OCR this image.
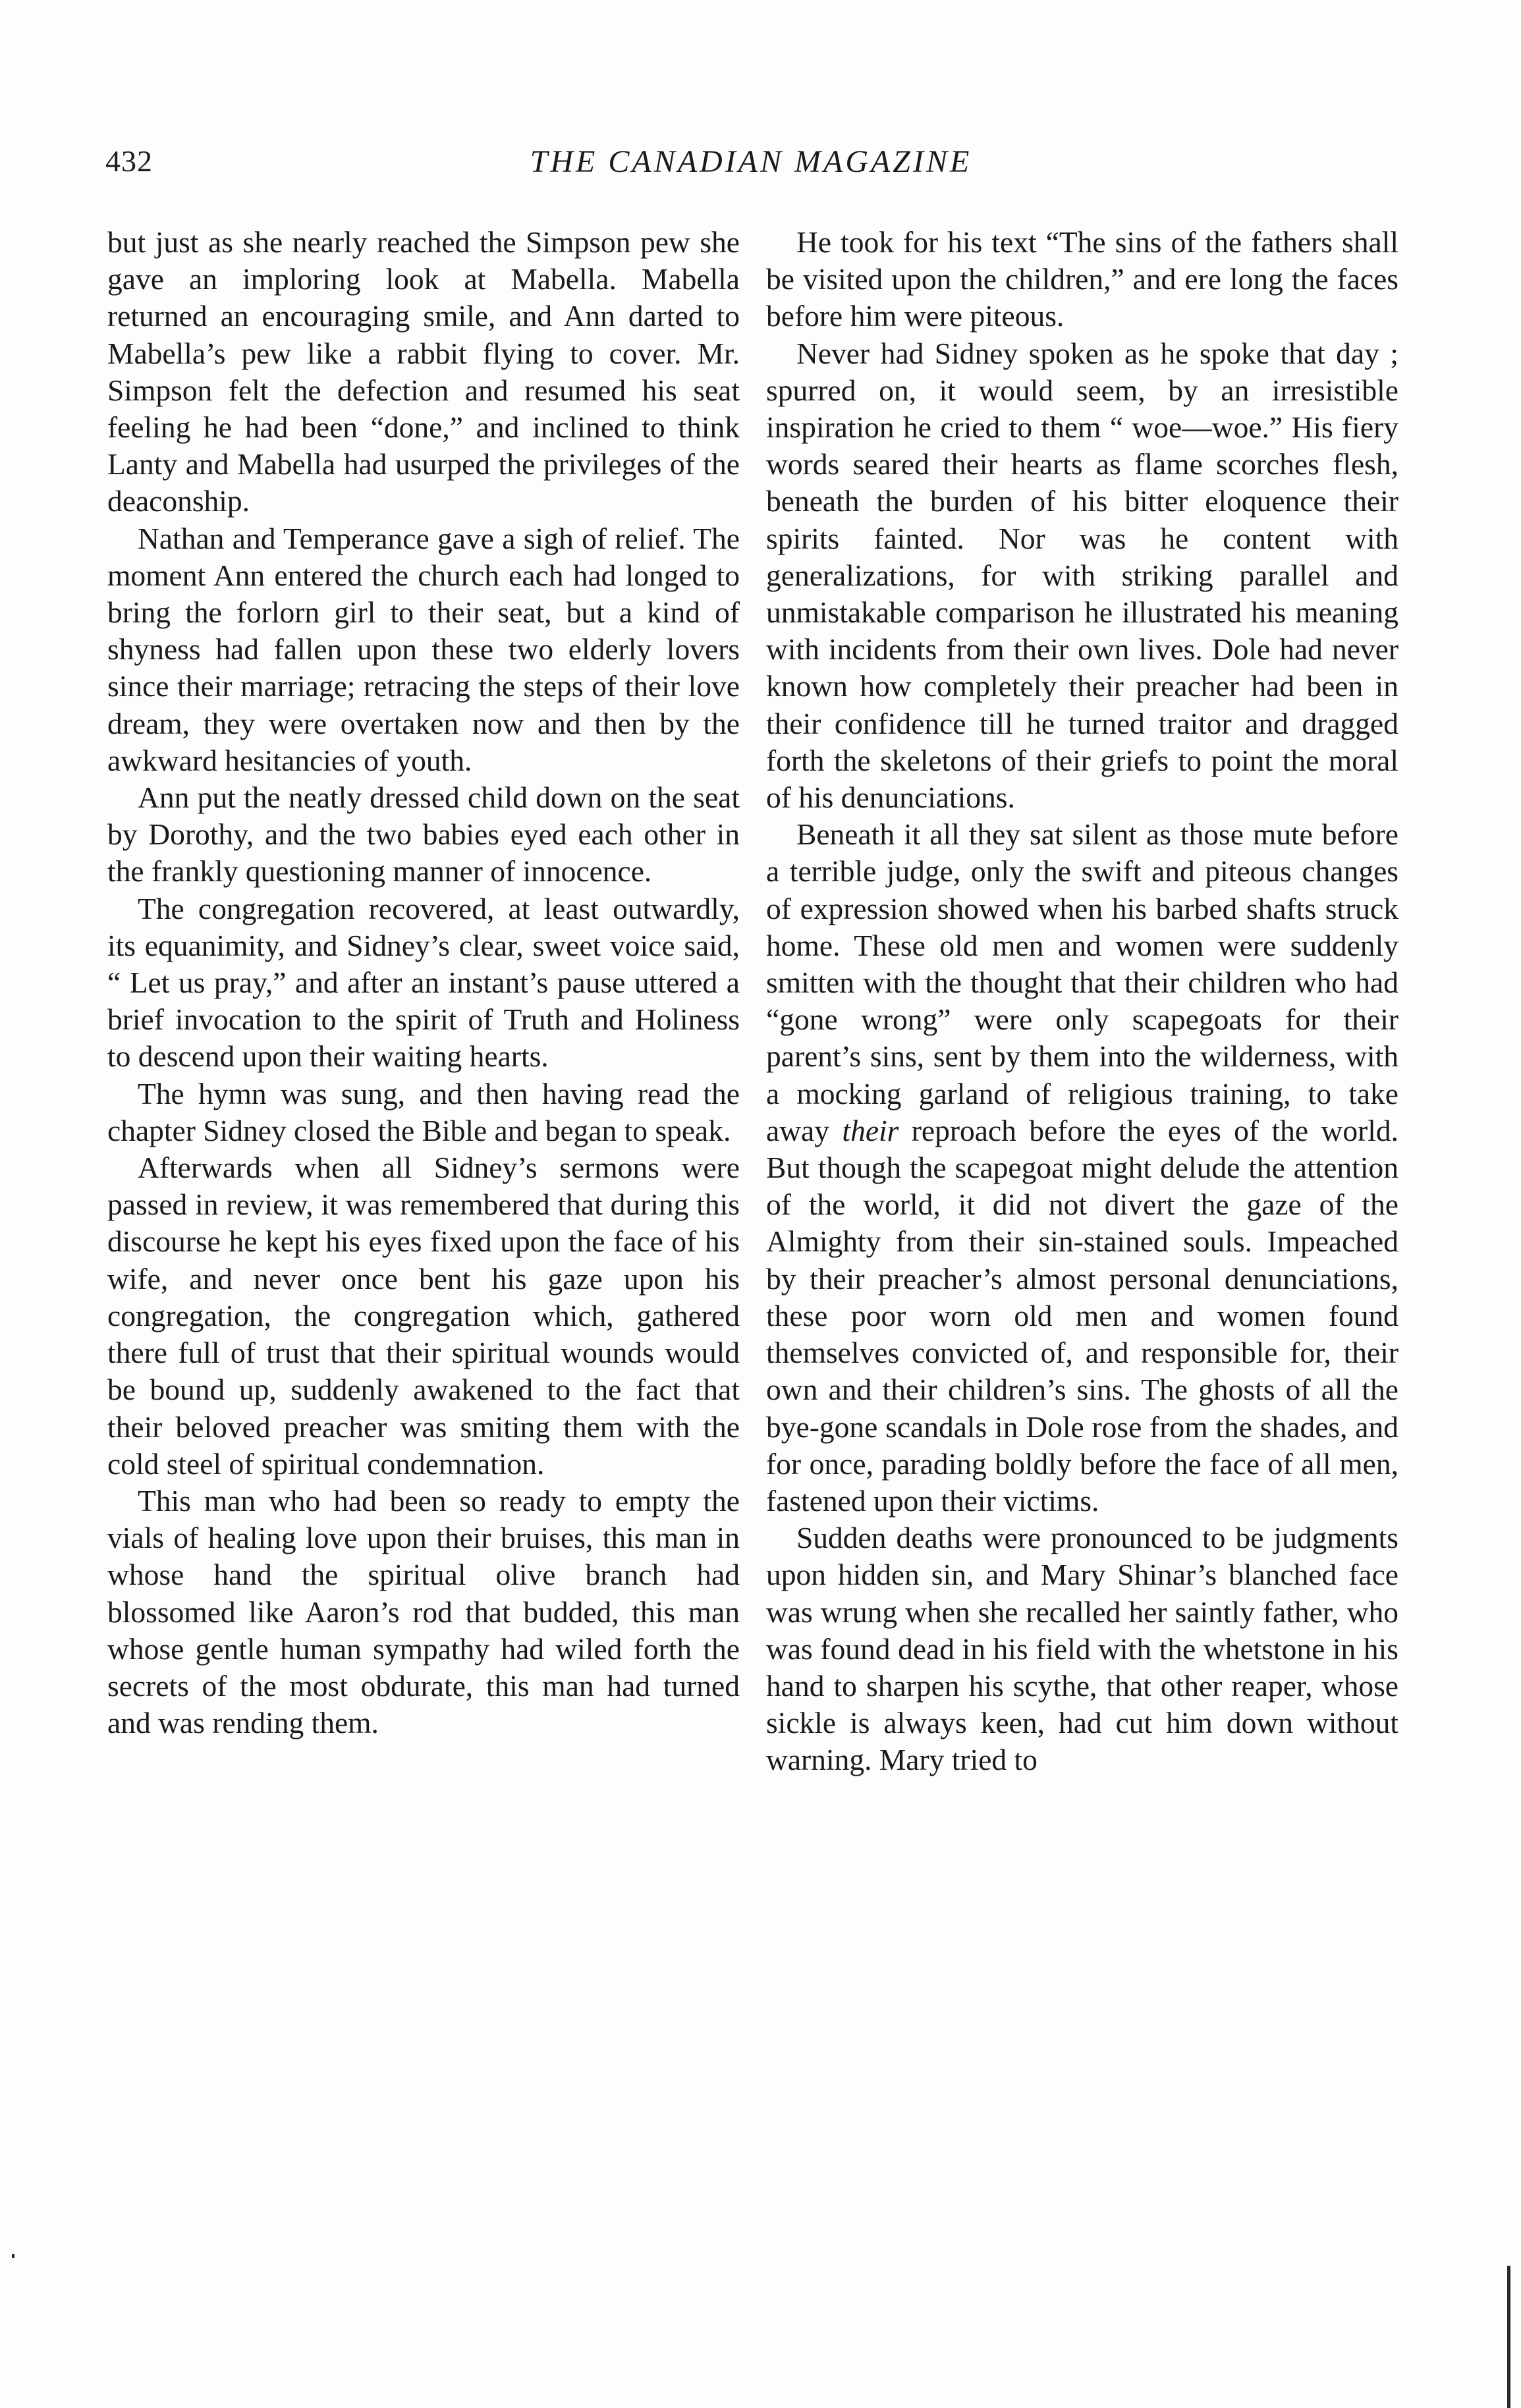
432	THE CANADIAN MAGAZINE

but just as she nearly reached the Simpson pew she gave an imploring look at Mabella. Mabella returned an encouraging smile, and Ann darted to Mabella’s pew like a rabbit flying to cover. Mr. Simpson felt the defection and resumed his seat feeling he had been “done,” and inclined to think Lanty and Mabella had usurped the privileges of the deaconship.

Nathan and Temperance gave a sigh of relief. The moment Ann entered the church each had longed to bring the forlorn girl to their seat, but a kind of shyness had fallen upon these two elderly lovers since their marriage; retracing the steps of their love dream, they were overtaken now and then by the awkward hesitancies of youth.

Ann put the neatly dressed child down on the seat by Dorothy, and the two babies eyed each other in the frankly questioning manner of innocence.

The congregation recovered, at least outwardly, its equanimity, and Sidney’s clear, sweet voice said, “ Let us pray,” and after an instant’s pause uttered a brief invocation to the spirit of Truth and Holiness to descend upon their waiting hearts.

The hymn was sung, and then having read the chapter Sidney closed the Bible and began to speak.

Afterwards when all Sidney’s sermons were passed in review, it was remembered that during this discourse he kept his eyes fixed upon the face of his wife, and never once bent his gaze upon his congregation, the congregation which, gathered there full of trust that their spiritual wounds would be bound up, suddenly awakened to the fact that their beloved preacher was smiting them with the cold steel of spiritual condemnation.

This man who had been so ready to empty the vials of healing love upon their bruises, this man in whose hand the spiritual olive branch had blossomed like Aaron’s rod that budded, this man whose gentle human sympathy had wiled forth the secrets of the most obdurate, this man had turned and was rending them.

He took for his text “The sins of the fathers shall be visited upon the children,” and ere long the faces before him were piteous.

Never had Sidney spoken as he spoke that day ; spurred on, it would seem, by an irresistible inspiration he cried to them “ woe—woe.” His fiery words seared their hearts as flame scorches flesh, beneath the burden of his bitter eloquence their spirits fainted. Nor was he content with generalizations, for with striking parallel and unmistakable comparison he illustrated his meaning with incidents from their own lives. Dole had never known how completely their preacher had been in their confidence till he turned traitor and dragged forth the skeletons of their griefs to point the moral of his denunciations.

Beneath it all they sat silent as those mute before a terrible judge, only the swift and piteous changes of expression showed when his barbed shafts struck home. These old men and women were suddenly smitten with the thought that their children who had “gone wrong” were only scapegoats for their parent’s sins, sent by them into the wilderness, with a mocking garland of religious training, to take away their reproach before the eyes of the world. But though the scapegoat might delude the attention of the world, it did not divert the gaze of the Almighty from their sin-stained souls. Impeached by their preacher’s almost personal denunciations, these poor worn old men and women found themselves convicted of, and responsible for, their own and their children’s sins. The ghosts of all the bye-gone scandals in Dole rose from the shades, and for once, parading boldly before the face of all men, fastened upon their victims.

Sudden deaths were pronounced to be judgments upon hidden sin, and Mary Shinar’s blanched face was wrung when she recalled her saintly father, who was found dead in his field with the whetstone in his hand to sharpen his scythe, that other reaper, whose sickle is always keen, had cut him down without warning. Mary tried to
